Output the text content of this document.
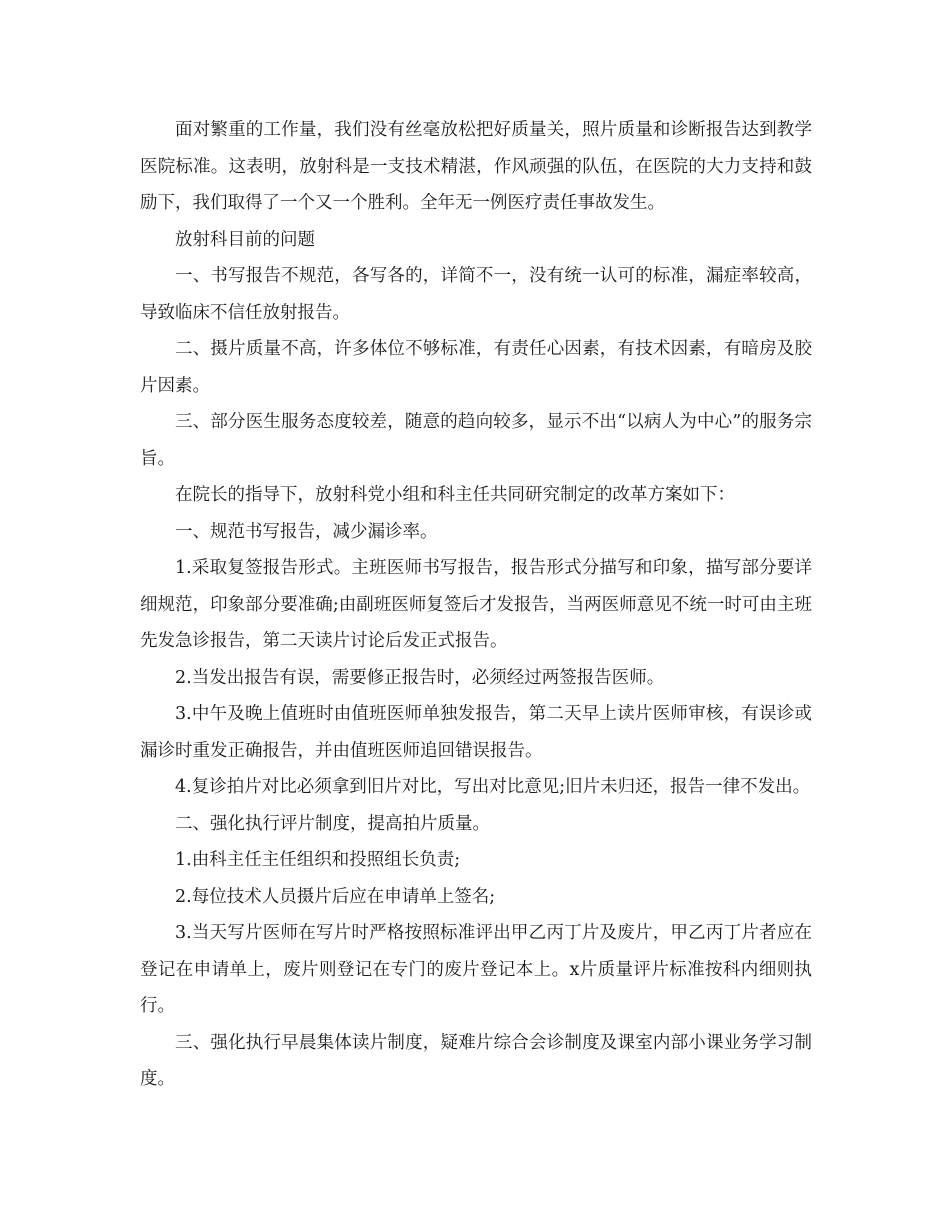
面对繁重的工作量，我们没有丝毫放松把好质量关，照片质量和诊断报告达到教学医院标准。这表明，放射科是一支技术精湛，作风顽强的队伍，在医院的大力支持和鼓励下，我们取得了一个又一个胜利。全年无一例医疗责任事故发生。

放射科目前的问题

一、书写报告不规范，各写各的，详简不一，没有统一认可的标准，漏症率较高，导致临床不信任放射报告。

二、摄片质量不高，许多体位不够标准，有责任心因素，有技术因素，有暗房及胶片因素。

三、部分医生服务态度较差，随意的趋向较多，显示不出“以病人为中心”的服务宗旨。

在院长的指导下，放射科党小组和科主任共同研究制定的改革方案如下：

一、规范书写报告，减少漏诊率。

1.采取复签报告形式。主班医师书写报告，报告形式分描写和印象，描写部分要详细规范，印象部分要准确;由副班医师复签后才发报告，当两医师意见不统一时可由主班先发急诊报告，第二天读片讨论后发正式报告。

2.当发出报告有误，需要修正报告时，必须经过两签报告医师。

3.中午及晚上值班时由值班医师单独发报告，第二天早上读片医师审核，有误诊或漏诊时重发正确报告，并由值班医师追回错误报告。

4.复诊拍片对比必须拿到旧片对比，写出对比意见;旧片未归还，报告一律不发出。

二、强化执行评片制度，提高拍片质量。

1.由科主任主任组织和投照组长负责;

2.每位技术人员摄片后应在申请单上签名;

3.当天写片医师在写片时严格按照标准评出甲乙丙丁片及废片，甲乙丙丁片者应在登记在申请单上，废片则登记在专门的废片登记本上。x片质量评片标准按科内细则执行。

三、强化执行早晨集体读片制度，疑难片综合会诊制度及课室内部小课业务学习制度。
